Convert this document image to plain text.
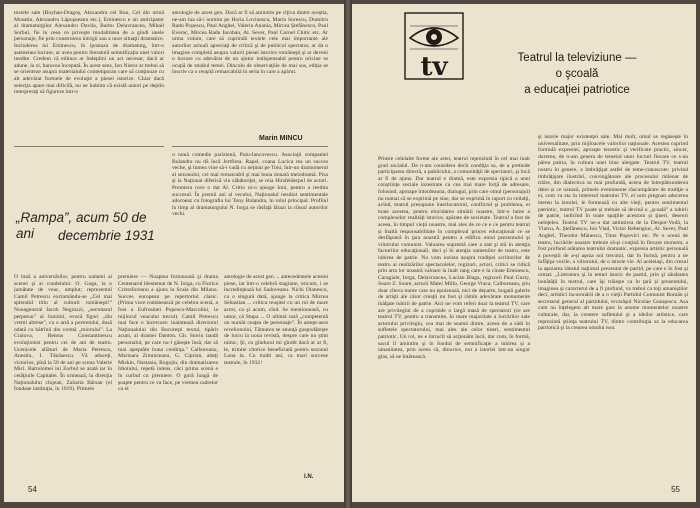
textele sale (Boyhan-Dragoş, Alexandru cel Bun, Cel din urmă Musatin, Alexandru Lăpuşneanu etc.), Eminescu e un anticipator al dramaturgilor Alexandru Davila, Barbu Delavrancea, Mihail Sorbul, fie în ceea ce priveşte modalitatea de a gîndi unele personaje, fie prin construirea intrigii sau a unor situaţii dramatice. Includerea lui Eminescu, în ipostaza de dramaturg, într-o asemenea lucrare, ar avea pentru literatură semnificaţia unei valori inedite. Credem că editura ar îndeplini un act necesar, dacă ar adune, la zi, barocea începută. În acest sens, Ion Nistor ar trebui să se orienteze asupra materialului contemporan care să conţinuze cu alt adevărat formele de evoluţie a piesei istorice. Chiar dacă selecţia apare mai dificilă, nu ne îndoim că există autori pe deplin interpretaţi să figureze într-o
antologie de acest gen. Dacă ar fi să amintim pe cîţiva dintre aceştia, ne-am lua să-i numim pe Horia Lovinescu, Marin Sorescu, Dumitru Radu Popescu, Paul Anghel, Valeriu Anania, Mircea Ştefănescu, Paul Everac, Mircea Radu Iacoban, Al. Sever, Paul Cornel Chitic etc. Ar urma volum, care să cuprindă textele cele mai importante ale autorilor actuali apreciaţi de critică şi de publicul spectator, ar da o imagine completă asupra valorii piesei istorice româneşti şi ar deveni o lucrare cu adevărat de un ajutor indispensabil pentru oricine se ocupă de studiul temei. Dincolo de observaţiile de mai sus, ediţia se înscrie ca o reuşită remarcabilă în seria în care a apărut.
Marin MINCU
„Rampa”, acum 50 de ani	decembrie 1931
o nouă comedie parizienă, Puiu-Iancovescu. Asociaţii companiei Bulandra nu dă încă Jertfirea. Rapel, coana Lucica rea un succes veche, şi lumea vine să-i vadă cu neţinut pe Toni, într-un dramomerul al sezonului, cel mai remarcabil şi mai buna donată melodramă. Pisa şi la Naţional diferică vin săbătoriţei, se reia Hirsfelderpul de actori. Premiera roce o dat Al. Critio ni-o ajunge Ioni, pentru a reedita succesul. În premii ani al vecului, Naţionalul nesdiut sentimentale adorneaz cu fotografia lui Tony Bulandra, în rolul principal. Profilul în timp al dramaturgului N. Iorga se răsfaţă lărazi la cînsul autorilor vechi.
O lună a aniversărilor, pentru oameni ai scenei şi ai condeiului: O. Goga, la o jumătate de veac, umplut; reprezentul Camil Petrescu exclamându-se „Cel mai splendid titlu al culturii româneşti!” Nonageneral Iacob Negruzzi, „secretarul perpetuu” al Junimii, evocă figuri „din vremi altrese”, cu o artă a portretului, dusă odată cu bătrînii din vremă „miorului”. La Craiova, Remus Constantinescu evoluţionist pentru cei de ani de teatru. Ucenicele allături de Maria Petrescu, Anestin, I. Tănăsescu. Vă aduceţi, victorios, pînă la 50 de ani pe scena Valerie Mici. Bartolomei lui Zorbul se arată iar în cetăţiuile Capitalei. În urmează, la direcţia Naţionalului clujean, Zaharia Bârsan (el fondase instituţia, în 1919). Primele
premiere — Noaptea furtunoasă şi drama Centenarul blestemat de N. Iorga, cu Florica Cristoforeanu a ajuns la Scala din Milano. Succes european pe repertoriul clasic. (Prima voce românească pe celebra scenă, a fost a Eufrosinei Popescu-Marcolini, la mijlocul veacului trecut). Camil Petrescu mai face o încercare: inaintează directorul Naţionalului din Bucureşti textul, tipărit acum, al dramei Danton. Gh. Storin laudă personalul, pe care nu-l găseşte însă, dar să mai aşteptăm buna credinţa.” Calboreanu, Marioara Zimniceanu, G. Ciprian, alteţi Miskin, Nastasia, Rogojin, din dramatizarea Idiotului, repetă intens, căci prima scenă e în curînd cu premiere. O gură lungă de şoapte pentru ce va face, pe vremea cadrelor cu el
antologie de acest gen ... antecedentele acestei piese, iar într-o celebră stagiune, oricum, i se încredinţează lui Sadoveanu. Nichi Olanescu, cu o singură dată, ajunge la critica Mircea Sebastian ... critica reuşitei cu un rol de mare actor, ca şi acum, cînd. Se mentionează, cu umor, că Stupa ... O ultimă rază „competentă un număr ceaţea de personaje”. În astept-ases revelionului, Tămurea se anunţă gospodăreşte de lucru la noua revistă, despre care nu ştim nimic, Şi, cu gîndurul mi gîndit dacă ar ar fi, le, trimite cîtorice beneficiată pentru sezonul Luna la. Cu multi ani, ca mari succese teatrale, în 1932!
I.N.
54
tv	Teatrul la televiziune —
o şcoală
a educaţiei patriotice
Printre celelalte forme ale artei, teatrul reprezintă în cel mai înalt grad socialul. De n-am considera decît condiţia sa, de a pretinde participarea directă, a publicului, a comunităţii de spectatori, şi încă ar fi de ajuns. Dar teatrul e dramă, este expresia tipică a unei conştiinţe sociale înzestrate cu cea mai mare forţă de adresare, folosind, aproape întotdeauna, dialogul, prin care omul (personajul) nu numai că se exprimă pe sine, dar se exprimă în raport cu ceilalţi, avînd, teatrul presupune interlocutorul, conflictul şi problema, ei toate acestea, pentru elucidarea situării noastre, într-o lume a complexelor realităţi istorice, apărate de societate. Teatrul a fost de aceea, în timpul vieţii noastre, mai ales de ce ce e ce pentru teatrul și înaltă responsabilitate în complexul proces educaţional ce se desfăşoară în ţara noastră pentru a edifica omul prezentului şi viitorului comunist. Valoarea supremă care a stat şi stă în atenţia factorilor educaţionali, deci şi în atenţia oamenilor de teatru, este iubirea de patrie. Nu vom insista asupra tradiţiei scriitorilor de teatru ai realizărilor spectacolelor, regizori, actori, critici se ridică prin arta lor noastră valoare la înalt rang care e la cinste Eminescu, Caragiale, Iorga, Delavrancea, Lucian Blaga, regizorii Paul Gusty, Soare Z. Soare, actorii Matei Millo, George Vraca, Calboreanu, ştiu doar cîteva nume care nu epuizează, nici de departe, bogată galerie de artişti ale căror creaţii nu fost şi rămîn adevărate monumente înălţate iubirii de patrie. Aici ne vom referi doar la teatrul TV, care are privilegiul de a cuprinde o largă masă de spectatori (ce are teatrul TV, pentru a transmite, în mare majoritate a lucrărilor sale actorului privilegiu, cea mai de seamă dintre, aceea de a sădi în sufletele spectatorului, mai ales ale celor tineri, sentimentul patriotic. Un rol, ne e întrucît să acţionăm încă, dar cum, în formă, sacul îl amintim şi în fondul de semnificaţie a iubirea și a umanitatea, prin aceea că, dinorice, noi a istoriei într-un singur glas, să ne întărească.
şi istorie major existenţei sale. Mai mult, omul se regăseşte în universalitate, prin mijloacele valorilor naţionale. Acestea cuprind formulă expresiei, aproape teoretic şi verificate practic, sincer, durerne, de n-am genera de temeiul unor lucruri fiecare ce s-au părea patria, în cultura unei bine alergate. Teatrul TV, teatrul nostru în genere, a îmbrăţişat astfel de teme-cunoscute: privind îmbrăţişare ilustrări, convingătoare ale procesului milenar de trăire, din dialectica sa mai profundă, aceea de întrepătrunderea datei și ce uzează, primele evenimente răscumpărare de tradiţie a ei, cum va sta în interesul teatrului TV, ei urm pregnan aducerea mereu la istoriei, le formează cu alte vieţi, pentru sentimentul patriotic, teatrul TV poate şi trebuie să devină o „şcoală” a iubirii de patrie, indicînd în toate spaţiile acestora şi ţineri, deseori neînţeles. Teatrul TV ne-a dat amintirea de la Despot-Vodă, la Vlaicu, A. Ştefănescu, Ion Vlad, Victor Rebengiuc, Al. Sever, Paul Anghel, Theodor Mănescu, Titus Popovici etc. Pe o scenă de teatru, lucrările noastre trebuie să-şi conţină în fiecare moment, a fost profund arătarea teatrului dramatic, expresia artistic personală a poveştii de a-şi aşeza noi trecutul, dar în formă, pentru a ne înfăţişa vocile, a viitorului, de o istorie vie. Al aceleiaşi, din crezul la aşezarea idealul naţional prezentat de partid, pe care e în fost şi urmat: „Literatura şi în temei istoric de partid, prin şi sănătatea bunătăţii în teatrul, care îşi trăieşte ca în ţară și prezentului, imaginea şi caracterul de a fi profund, va trebui ca toţi umaniştilor deci, artistici încoronării de a o vieţii Partidul Comunist Român şi secretarul general al partidului, tovarăşul Nicolae Ceauşescu. Asa cum nu înţelegem alt mare gust la anume momentelor noastre culturale, dar, la crestere sufletului şi a ideilor artistice, care reprezintă ştiinţa teatrului TV, dintre contribuţia sa la educarea patriotică şi la crearea omului nou.
55
